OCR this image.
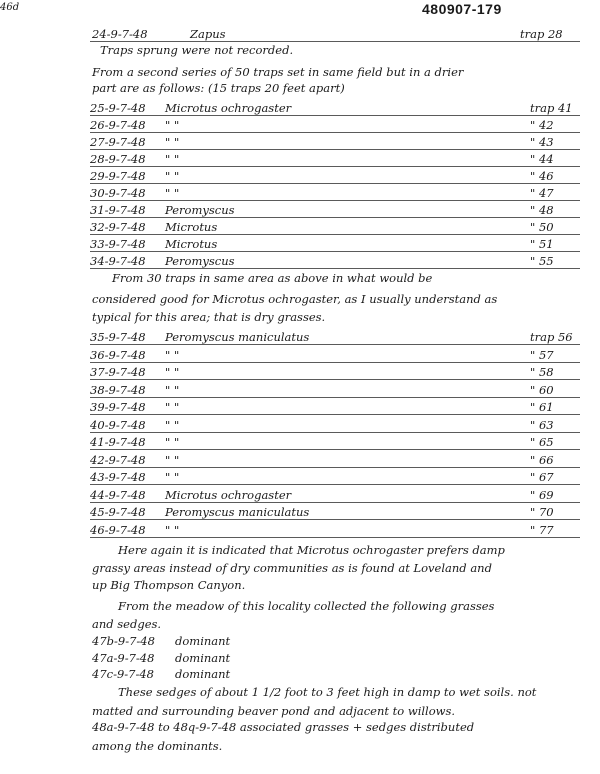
46d	480907-179
24-9-7-48	Zapus	trap 28
Traps sprung were not recorded.
From a second series of 50 traps set in same field but in a drier
part are as follows: (15 traps 20 feet apart)
25-9-7-48 Microtus ochrogaster	trap 41
26-9-7-48 " "	" 42
27-9-7-48 " "	" 43
28-9-7-48 " "	" 44
29-9-7-48 " "	" 46
30-9-7-48 " "	" 47
31-9-7-48 Peromyscus	" 48
32-9-7-48 Microtus	" 50
33-9-7-48 Microtus	" 51
34-9-7-48 Peromyscus	" 55
From 30 traps in same area as above in what would be
considered good for Microtus ochrogaster, as I usually understand as
typical for this area; that is dry grasses.
35-9-7-48 Peromyscus maniculatus	trap 56
36-9-7-48 " "	" 57
37-9-7-48 " "	" 58
38-9-7-48 " "	" 60
39-9-7-48 " "	" 61
40-9-7-48 " "	" 63
41-9-7-48 " "	" 65
42-9-7-48 " "	" 66
43-9-7-48 " "	" 67
44-9-7-48 Microtus ochrogaster	" 69
45-9-7-48 Peromyscus maniculatus	" 70
46-9-7-48 " "	" 77
Here again it is indicated that Microtus ochrogaster prefers damp
grassy areas instead of dry communities as is found at Loveland and
up Big Thompson Canyon.
From the meadow of this locality collected the following grasses
and sedges.
47b-9-7-48 dominant
47a-9-7-48 dominant
47c-9-7-48 dominant
These sedges of about 1 1/2 foot to 3 feet high in damp to wet soils. not
matted and surrounding beaver pond and adjacent to willows.
48a-9-7-48 to 48q-9-7-48 associated grasses + sedges distributed
among the dominants.
